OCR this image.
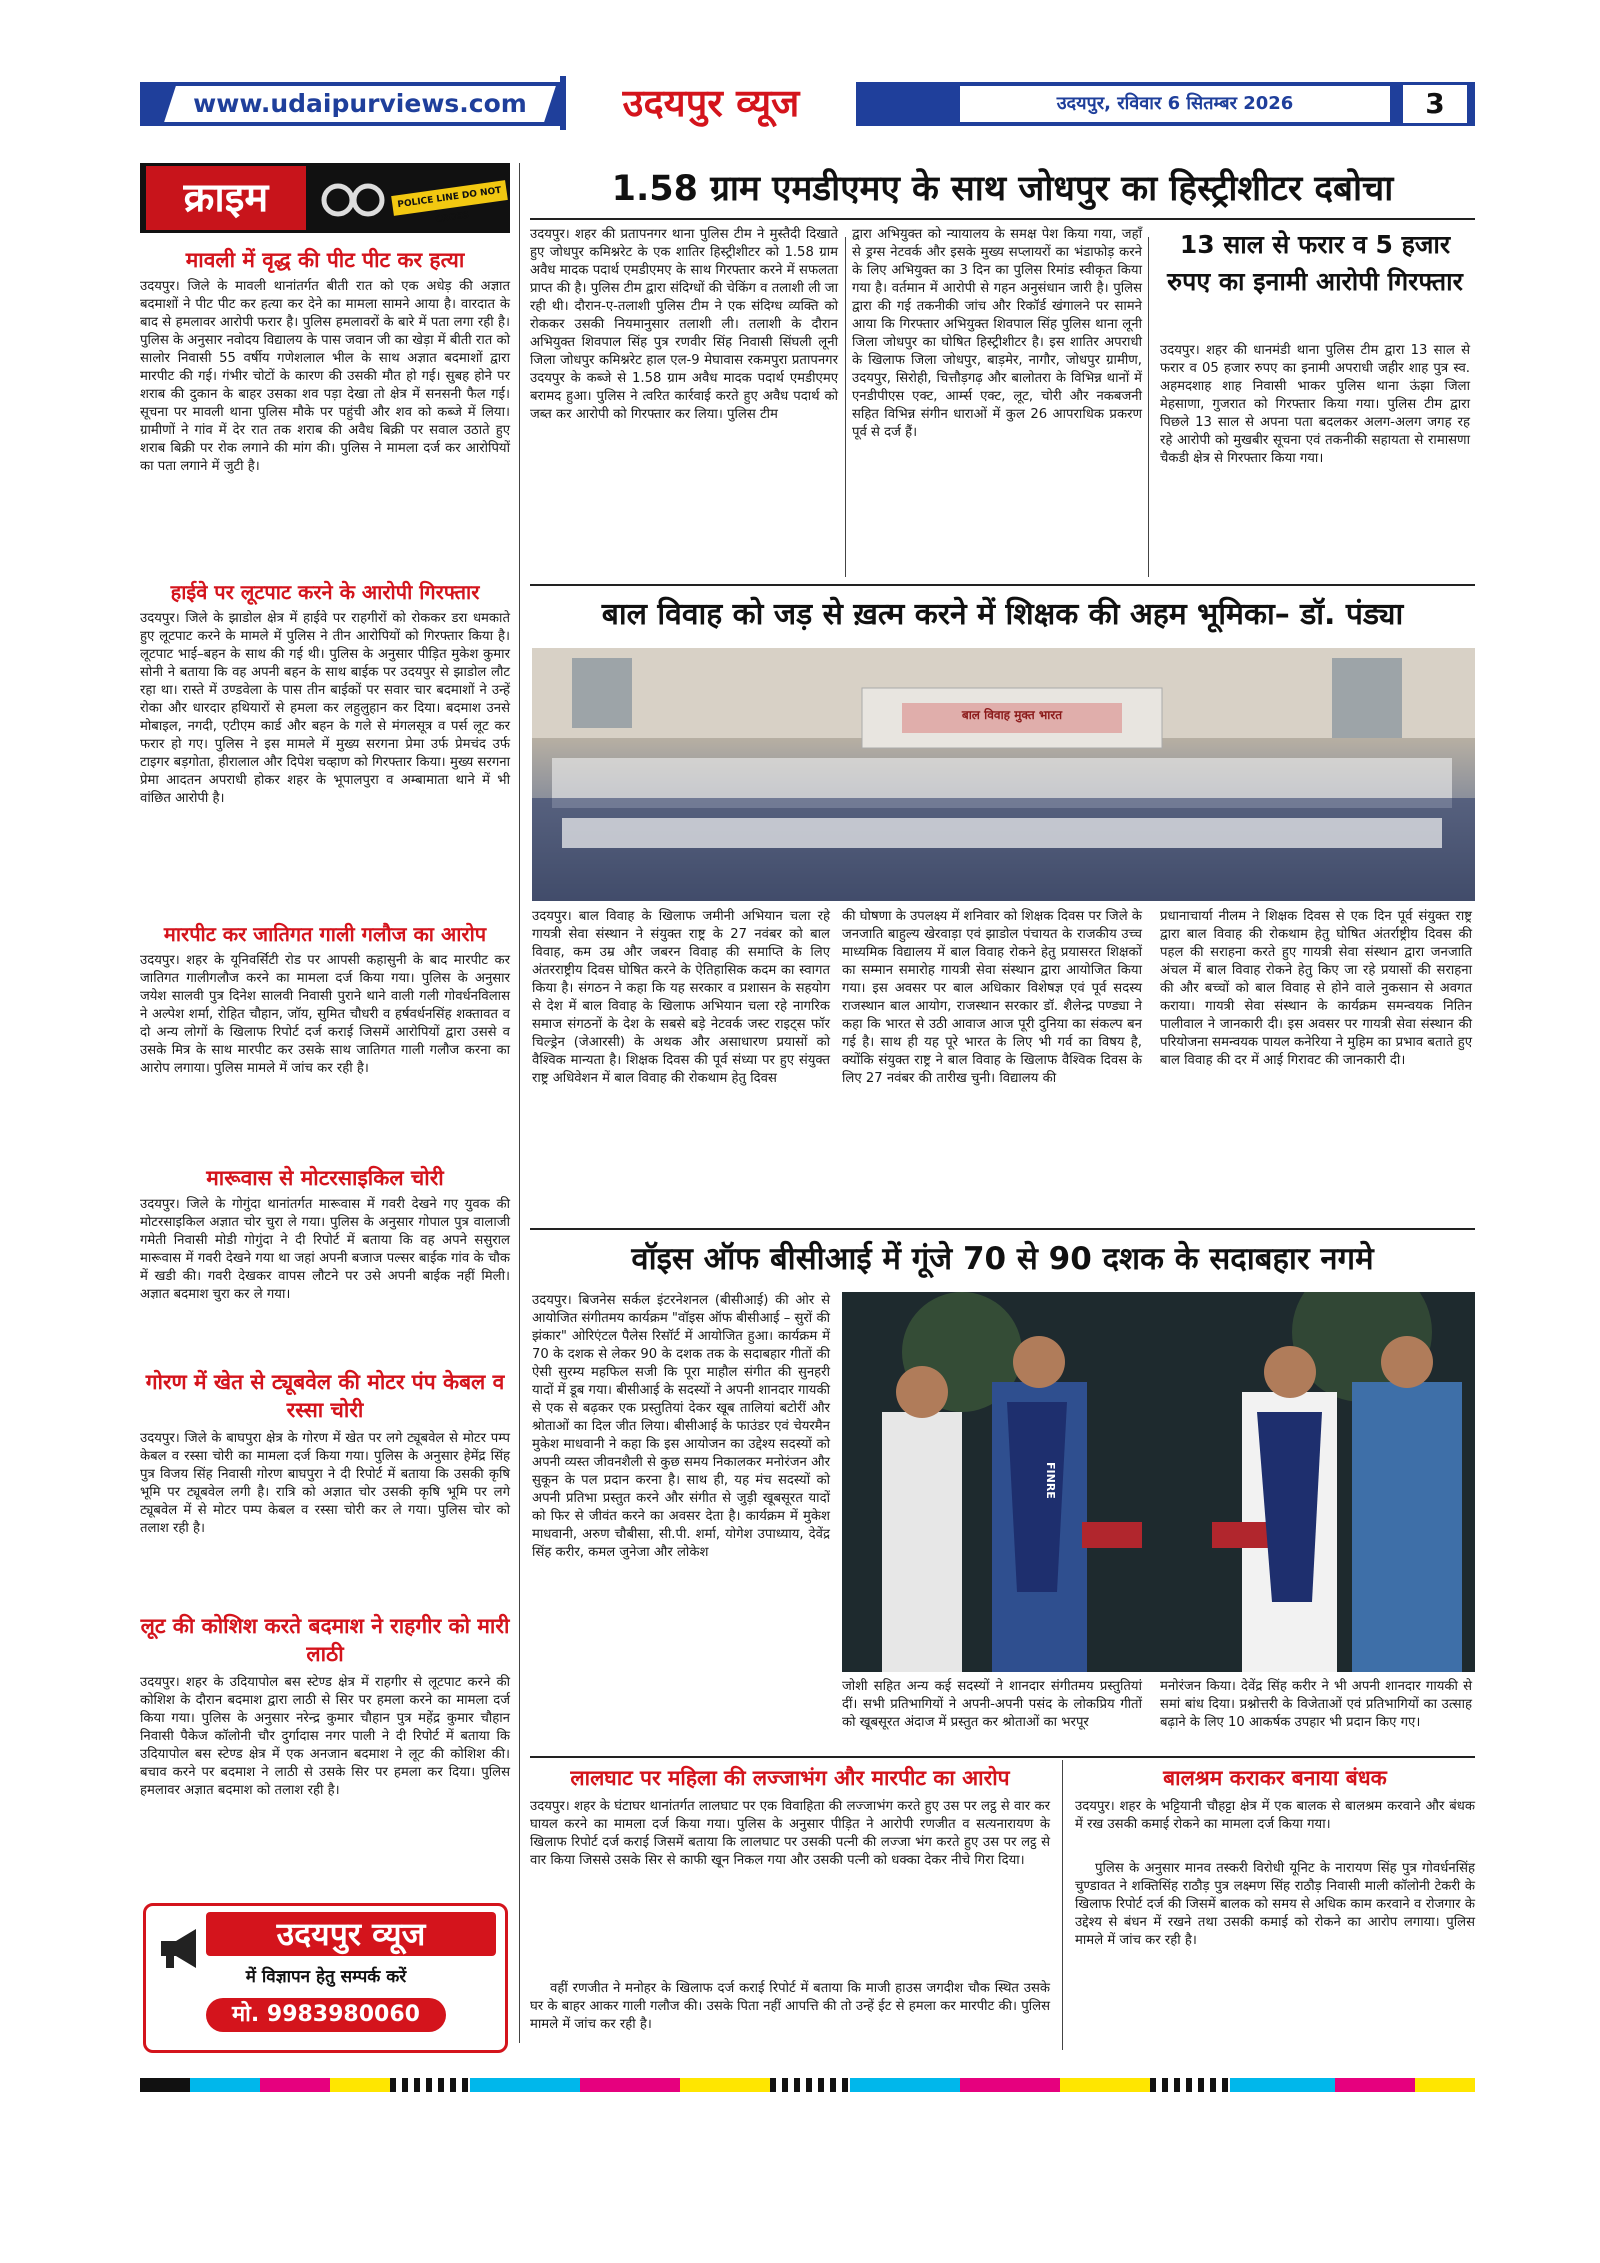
www.udaipurviews.com	उदयपुर व्यूज	उदयपुर, रविवार 6 सितम्बर 2026	3
क्राइम	POLICE LINE DO NOT CROSS
मावली में वृद्ध की पीट पीट कर हत्या
उदयपुर। जिले के मावली थानांतर्गत बीती रात को एक अधेड़ की अज्ञात बदमाशों ने पीट पीट कर हत्या कर देने का मामला सामने आया है। वारदात के बाद से हमलावर आरोपी फरार है। पुलिस हमलावरों के बारे में पता लगा रही है। पुलिस के अनुसार नवोदय विद्यालय के पास जवान जी का खेड़ा में बीती रात को सालोर निवासी 55 वर्षीय गणेशलाल भील के साथ अज्ञात बदमाशों द्वारा मारपीट की गई। गंभीर चोटों के कारण की उसकी मौत हो गई। सुबह होने पर शराब की दुकान के बाहर उसका शव पड़ा देखा तो क्षेत्र में सनसनी फैल गई। सूचना पर मावली थाना पुलिस मौके पर पहुंची और शव को कब्जे में लिया। ग्रामीणों ने गांव में देर रात तक शराब की अवैध बिक्री पर सवाल उठाते हुए शराब बिक्री पर रोक लगाने की मांग की। पुलिस ने मामला दर्ज कर आरोपियों का पता लगाने में जुटी है।
हाईवे पर लूटपाट करने के आरोपी गिरफ्तार
उदयपुर। जिले के झाडोल क्षेत्र में हाईवे पर राहगीरों को रोककर डरा धमकाते हुए लूटपाट करने के मामले में पुलिस ने तीन आरोपियों को गिरफ्तार किया है। लूटपाट भाई–बहन के साथ की गई थी। पुलिस के अनुसार पीड़ित मुकेश कुमार सोनी ने बताया कि वह अपनी बहन के साथ बाईक पर उदयपुर से झाडोल लौट रहा था। रास्ते में उण्डवेला के पास तीन बाईकों पर सवार चार बदमाशों ने उन्हें रोका और धारदार हथियारों से हमला कर लहुलुहान कर दिया। बदमाश उनसे मोबाइल, नगदी, एटीएम कार्ड और बहन के गले से मंगलसूत्र व पर्स लूट कर फरार हो गए। पुलिस ने इस मामले में मुख्य सरगना प्रेमा उर्फ प्रेमचंद उर्फ टाइगर बड़गोता, हीरालाल और दिपेश चव्हाण को गिरफ्तार किया। मुख्य सरगना प्रेमा आदतन अपराधी होकर शहर के भूपालपुरा व अम्बामाता थाने में भी वांछित आरोपी है।
मारपीट कर जातिगत गाली गलौज का आरोप
उदयपुर। शहर के यूनिवर्सिटी रोड पर आपसी कहासुनी के बाद मारपीट कर जातिगत गालीगलौज करने का मामला दर्ज किया गया। पुलिस के अनुसार जयेश सालवी पुत्र दिनेश सालवी निवासी पुराने थाने वाली गली गोवर्धनविलास ने अल्पेश शर्मा, रोहित चौहान, जॉय, सुमित चौधरी व हर्षवर्धनसिंह शक्तावत व दो अन्य लोगों के खिलाफ रिपोर्ट दर्ज कराई जिसमें आरोपियों द्वारा उससे व उसके मित्र के साथ मारपीट कर उसके साथ जातिगत गाली गलौज करना का आरोप लगाया। पुलिस मामले में जांच कर रही है।
मारूवास से मोटरसाइकिल चोरी
उदयपुर। जिले के गोगुंदा थानांतर्गत मारूवास में गवरी देखने गए युवक की मोटरसाइकिल अज्ञात चोर चुरा ले गया। पुलिस के अनुसार गोपाल पुत्र वालाजी गमेती निवासी मोडी गोगुंदा ने दी रिपोर्ट में बताया कि वह अपने ससुराल मारूवास में गवरी देखने गया था जहां अपनी बजाज पल्सर बाईक गांव के चौक में खडी की। गवरी देखकर वापस लौटने पर उसे अपनी बाईक नहीं मिली। अज्ञात बदमाश चुरा कर ले गया।
गोरण में खेत से ट्यूबवेल की मोटर पंप केबल व रस्सा चोरी
उदयपुर। जिले के बाघपुरा क्षेत्र के गोरण में खेत पर लगे ट्यूबवेल से मोटर पम्प केबल व रस्सा चोरी का मामला दर्ज किया गया। पुलिस के अनुसार हेमेंद्र सिंह पुत्र विजय सिंह निवासी गोरण बाघपुरा ने दी रिपोर्ट में बताया कि उसकी कृषि भूमि पर ट्यूबवेल लगी है। रात्रि को अज्ञात चोर उसकी कृषि भूमि पर लगे ट्यूबवेल में से मोटर पम्प केबल व रस्सा चोरी कर ले गया। पुलिस चोर को तलाश रही है।
लूट की कोशिश करते बदमाश ने राहगीर को मारी लाठी
उदयपुर। शहर के उदियापोल बस स्टेण्ड क्षेत्र में राहगीर से लूटपाट करने की कोशिश के दौरान बदमाश द्वारा लाठी से सिर पर हमला करने का मामला दर्ज किया गया। पुलिस के अनुसार नरेन्द्र कुमार चौहान पुत्र महेंद्र कुमार चौहान निवासी पैकेज कॉलोनी चौर दुर्गादास नगर पाली ने दी रिपोर्ट में बताया कि उदियापोल बस स्टेण्ड क्षेत्र में एक अनजान बदमाश ने लूट की कोशिश की। बचाव करने पर बदमाश ने लाठी से उसके सिर पर हमला कर दिया। पुलिस हमलावर अज्ञात बदमाश को तलाश रही है।
उदयपुर व्यूज
में विज्ञापन हेतु सम्पर्क करें
मो. 9983980060
1.58 ग्राम एमडीएमए के साथ जोधपुर का हिस्ट्रीशीटर दबोचा
उदयपुर। शहर की प्रतापनगर थाना पुलिस टीम ने मुस्तैदी दिखाते हुए जोधपुर कमिश्नरेट के एक शातिर हिस्ट्रीशीटर को 1.58 ग्राम अवैध मादक पदार्थ एमडीएमए के साथ गिरफ्तार करने में सफलता प्राप्त की है। पुलिस टीम द्वारा संदिग्धों की चेकिंग व तलाशी ली जा रही थी। दौरान-ए-तलाशी पुलिस टीम ने एक संदिग्ध व्यक्ति को रोककर उसकी नियमानुसार तलाशी ली। तलाशी के दौरान अभियुक्त शिवपाल सिंह पुत्र रणवीर सिंह निवासी सिंघली लूनी जिला जोधपुर कमिश्नरेट हाल एल-9 मेघावास रकमपुरा प्रतापनगर उदयपुर के कब्जे से 1.58 ग्राम अवैध मादक पदार्थ एमडीएमए बरामद हुआ। पुलिस ने त्वरित कार्रवाई करते हुए अवैध पदार्थ को जब्त कर आरोपी को गिरफ्तार कर लिया। पुलिस टीम
द्वारा अभियुक्त को न्यायालय के समक्ष पेश किया गया, जहाँ से ड्रग्स नेटवर्क और इसके मुख्य सप्लायरों का भंडाफोड़ करने के लिए अभियुक्त का 3 दिन का पुलिस रिमांड स्वीकृत किया गया है। वर्तमान में आरोपी से गहन अनुसंधान जारी है। पुलिस द्वारा की गई तकनीकी जांच और रिकॉर्ड खंगालने पर सामने आया कि गिरफ्तार अभियुक्त शिवपाल सिंह पुलिस थाना लूनी जिला जोधपुर का घोषित हिस्ट्रीशीटर है। इस शातिर अपराधी के खिलाफ जिला जोधपुर, बाड़मेर, नागौर, जोधपुर ग्रामीण, उदयपुर, सिरोही, चित्तौड़गढ़ और बालोतरा के विभिन्न थानों में एनडीपीएस एक्ट, आर्म्स एक्ट, लूट, चोरी और नकबजनी सहित विभिन्न संगीन धाराओं में कुल 26 आपराधिक प्रकरण पूर्व से दर्ज हैं।
13 साल से फरार व 5 हजार रुपए का इनामी आरोपी गिरफ्तार
उदयपुर। शहर की धानमंडी थाना पुलिस टीम द्वारा 13 साल से फरार व 05 हजार रुपए का इनामी अपराधी जहीर शाह पुत्र स्व. अहमदशाह शाह निवासी भाकर पुलिस थाना ऊंझा जिला मेहसाणा, गुजरात को गिरफ्तार किया गया। पुलिस टीम द्वारा पिछले 13 साल से अपना पता बदलकर अलग-अलग जगह रह रहे आरोपी को मुखबीर सूचना एवं तकनीकी सहायता से रामासणा चैकडी क्षेत्र से गिरफ्तार किया गया।
बाल विवाह को जड़ से ख़त्म करने में शिक्षक की अहम भूमिका– डॉ. पंड्या
बाल विवाह मुक्त भारत
उदयपुर। बाल विवाह के खिलाफ जमीनी अभियान चला रहे गायत्री सेवा संस्थान ने संयुक्त राष्ट्र के 27 नवंबर को बाल विवाह, कम उम्र और जबरन विवाह की समाप्ति के लिए अंतरराष्ट्रीय दिवस घोषित करने के ऐतिहासिक कदम का स्वागत किया है। संगठन ने कहा कि यह सरकार व प्रशासन के सहयोग से देश में बाल विवाह के खिलाफ अभियान चला रहे नागरिक समाज संगठनों के देश के सबसे बड़े नेटवर्क जस्ट राइट्स फॉर चिल्ड्रेन (जेआरसी) के अथक और असाधारण प्रयासों को वैश्विक मान्यता है। शिक्षक दिवस की पूर्व संध्या पर हुए संयुक्त राष्ट्र अधिवेशन में बाल विवाह की रोकथाम हेतु दिवस
की घोषणा के उपलक्ष्य में शनिवार को शिक्षक दिवस पर जिले के जनजाति बाहुल्य खेरवाड़ा एवं झाडोल पंचायत के राजकीय उच्च माध्यमिक विद्यालय में बाल विवाह रोकने हेतु प्रयासरत शिक्षकों का सम्मान समारोह गायत्री सेवा संस्थान द्वारा आयोजित किया गया। इस अवसर पर बाल अधिकार विशेषज्ञ एवं पूर्व सदस्य राजस्थान बाल आयोग, राजस्थान सरकार डॉ. शैलेन्द्र पण्ड्या ने कहा कि भारत से उठी आवाज आज पूरी दुनिया का संकल्प बन गई है। साथ ही यह पूरे भारत के लिए भी गर्व का विषय है, क्योंकि संयुक्त राष्ट्र ने बाल विवाह के खिलाफ वैश्विक दिवस के लिए 27 नवंबर की तारीख चुनी। विद्यालय की
प्रधानाचार्या नीलम ने शिक्षक दिवस से एक दिन पूर्व संयुक्त राष्ट्र द्वारा बाल विवाह की रोकथाम हेतु घोषित अंतर्राष्ट्रीय दिवस की पहल की सराहना करते हुए गायत्री सेवा संस्थान द्वारा जनजाति अंचल में बाल विवाह रोकने हेतु किए जा रहे प्रयासों की सराहना की और बच्चों को बाल विवाह से होने वाले नुकसान से अवगत कराया। गायत्री सेवा संस्थान के कार्यक्रम समन्वयक नितिन पालीवाल ने जानकारी दी। इस अवसर पर गायत्री सेवा संस्थान की परियोजना समन्वयक पायल कनेरिया ने मुहिम का प्रभाव बताते हुए बाल विवाह की दर में आई गिरावट की जानकारी दी।
वॉइस ऑफ बीसीआई में गूंजे 70 से 90 दशक के सदाबहार नगमे
उदयपुर। बिजनेस सर्कल इंटरनेशनल (बीसीआई) की ओर से आयोजित संगीतमय कार्यक्रम "वॉइस ऑफ बीसीआई – सुरों की झंकार" ओरिएंटल पैलेस रिसॉर्ट में आयोजित हुआ। कार्यक्रम में 70 के दशक से लेकर 90 के दशक तक के सदाबहार गीतों की ऐसी सुरम्य महफिल सजी कि पूरा माहौल संगीत की सुनहरी यादों में डूब गया। बीसीआई के सदस्यों ने अपनी शानदार गायकी से एक से बढ़कर एक प्रस्तुतियां देकर खूब तालियां बटोरीं और श्रोताओं का दिल जीत लिया। बीसीआई के फाउंडर एवं चेयरमैन मुकेश माधवानी ने कहा कि इस आयोजन का उद्देश्य सदस्यों को अपनी व्यस्त जीवनशैली से कुछ समय निकालकर मनोरंजन और सुकून के पल प्रदान करना है। साथ ही, यह मंच सदस्यों को अपनी प्रतिभा प्रस्तुत करने और संगीत से जुड़ी खूबसूरत यादों को फिर से जीवंत करने का अवसर देता है। कार्यक्रम में मुकेश माधवानी, अरुण चौबीसा, सी.पी. शर्मा, योगेश उपाध्याय, देवेंद्र सिंह करीर, कमल जुनेजा और लोकेश
FINRE
जोशी सहित अन्य कई सदस्यों ने शानदार संगीतमय प्रस्तुतियां दीं। सभी प्रतिभागियों ने अपनी-अपनी पसंद के लोकप्रिय गीतों को खूबसूरत अंदाज में प्रस्तुत कर श्रोताओं का भरपूर
मनोरंजन किया। देवेंद्र सिंह करीर ने भी अपनी शानदार गायकी से समां बांध दिया। प्रश्नोत्तरी के विजेताओं एवं प्रतिभागियों का उत्साह बढ़ाने के लिए 10 आकर्षक उपहार भी प्रदान किए गए।
लालघाट पर महिला की लज्जाभंग और मारपीट का आरोप
उदयपुर। शहर के घंटाघर थानांतर्गत लालघाट पर एक विवाहिता की लज्जाभंग करते हुए उस पर लट्ठ से वार कर घायल करने का मामला दर्ज किया गया। पुलिस के अनुसार पीड़ित ने आरोपी रणजीत व सत्यनारायण के खिलाफ रिपोर्ट दर्ज कराई जिसमें बताया कि लालघाट पर उसकी पत्नी की लज्जा भंग करते हुए उस पर लट्ठ से वार किया जिससे उसके सिर से काफी खून निकल गया और उसकी पत्नी को धक्का देकर नीचे गिरा दिया।
वहीं रणजीत ने मनोहर के खिलाफ दर्ज कराई रिपोर्ट में बताया कि माजी हाउस जगदीश चौक स्थित उसके घर के बाहर आकर गाली गलौज की। उसके पिता नहीं आपत्ति की तो उन्हें ईट से हमला कर मारपीट की। पुलिस मामले में जांच कर रही है।
बालश्रम कराकर बनाया बंधक
उदयपुर। शहर के भट्टियानी चौहट्टा क्षेत्र में एक बालक से बालश्रम करवाने और बंधक में रख उसकी कमाई रोकने का मामला दर्ज किया गया।
पुलिस के अनुसार मानव तस्करी विरोधी यूनिट के नारायण सिंह पुत्र गोवर्धनसिंह चुण्डावत ने शक्तिसिंह राठौड़ पुत्र लक्ष्मण सिंह राठौड़ निवासी माली कॉलोनी टेकरी के खिलाफ रिपोर्ट दर्ज की जिसमें बालक को समय से अधिक काम करवाने व रोजगार के उद्देश्य से बंधन में रखने तथा उसकी कमाई को रोकने का आरोप लगाया। पुलिस मामले में जांच कर रही है।
